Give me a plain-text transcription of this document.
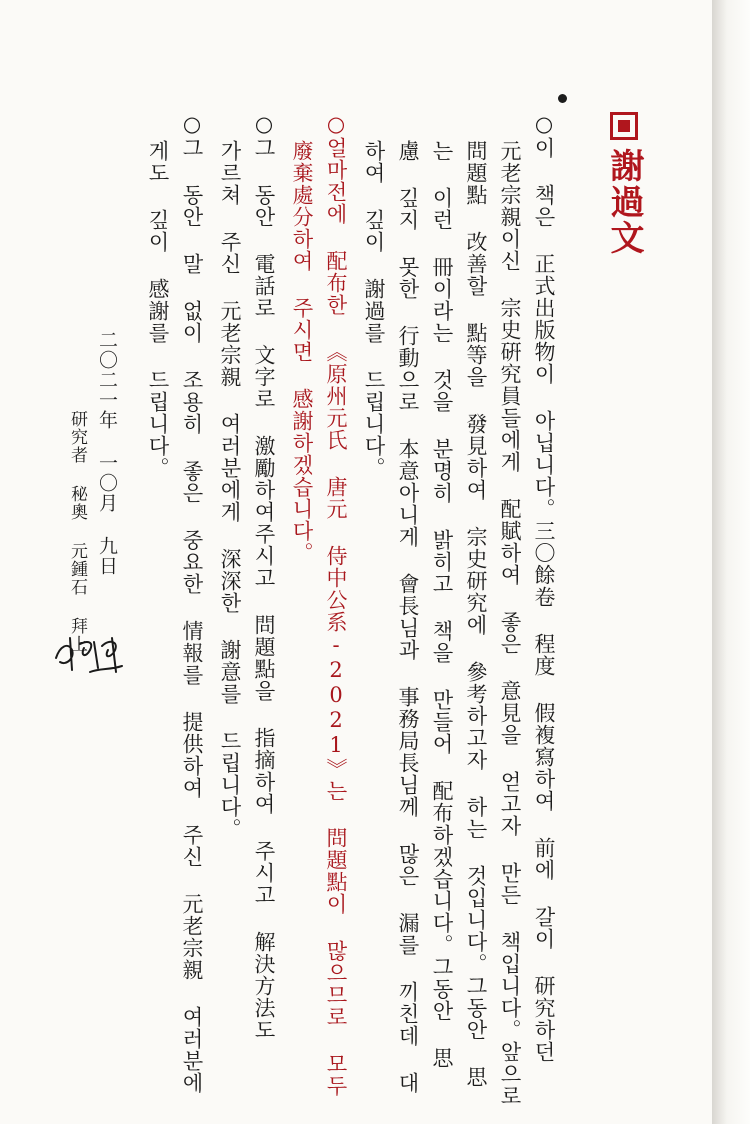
謝過文
○이 책은 正式出版物이 아닙니다。三〇餘卷 程度 假複寫하여 前에 갈이 研究하던
元老宗親이신 宗史硏究員들에게 配賦하여 좋은 意見을 얻고자 만든 책입니다。앞으로
問題點 改善할 點等을 發見하여 宗史研究에 參考하고자 하는 것입니다。그동안 思
는 이런 冊이라는 것을 분명히 밝히고 책을 만들어 配布하겠습니다。그동안 思
慮 깊지 못한 行動으로 本意아니게 會長님과 事務局長님께 많은 漏를 끼친데 대
하여 깊이 謝過를 드립니다。
○얼마전에 配布한 《原州元氏 唐元 侍中公系-2021》는 問題點이 많으므로 모두
廢棄處分하여 주시면 感謝하겠습니다。
○그 동안 電話로 文字로 激勵하여주시고 問題點을 指摘하여 주시고 解決方法도
가르쳐 주신 元老宗親 여러분에게 深深한 謝意를 드립니다。
○그 동안 말 없이 조용히 좋은 중요한 情報를 提供하여 주신 元老宗親 여러분에
게도 깊이 感謝를 드립니다。
二〇二一年 一〇月 九日
研究者 秘奧 元鍾石 拜上
